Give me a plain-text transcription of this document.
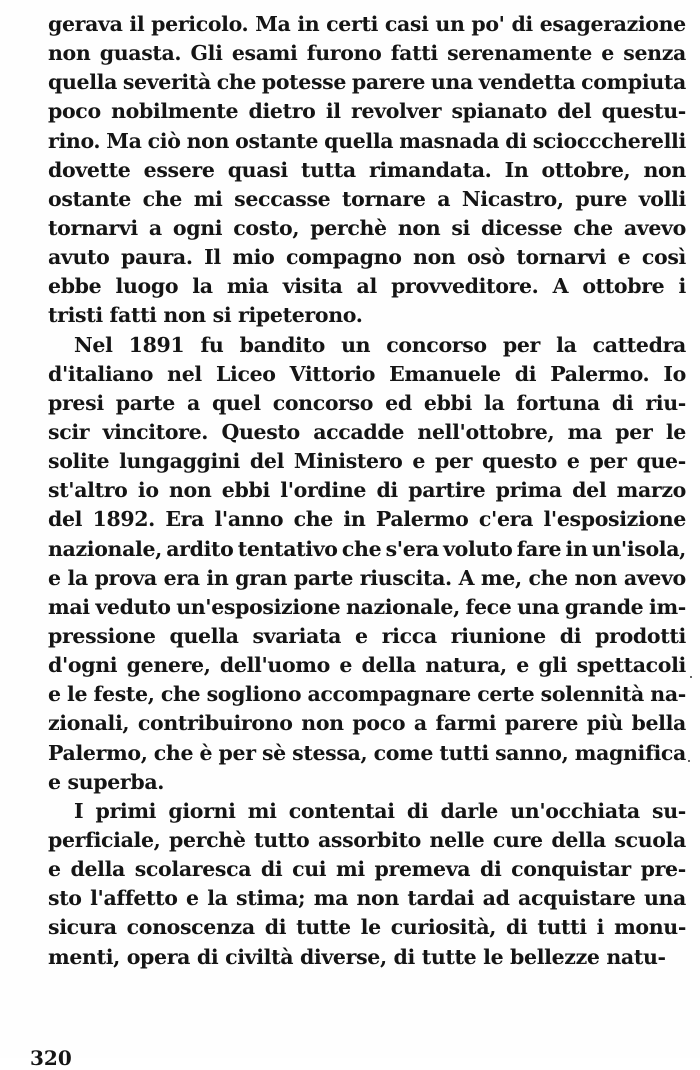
gerava il pericolo. Ma in certi casi un po' di esagerazione
non guasta. Gli esami furono fatti serenamente e senza
quella severità che potesse parere una vendetta compiuta
poco nobilmente dietro il revolver spianato del questu-
rino. Ma ciò non ostante quella masnada di sciocccherelli
dovette essere quasi tutta rimandata. In ottobre, non
ostante che mi seccasse tornare a Nicastro, pure volli
tornarvi a ogni costo, perchè non si dicesse che avevo
avuto paura. Il mio compagno non osò tornarvi e così
ebbe luogo la mia visita al provveditore. A ottobre i
tristi fatti non si ripeterono.
Nel 1891 fu bandito un concorso per la cattedra
d'italiano nel Liceo Vittorio Emanuele di Palermo. Io
presi parte a quel concorso ed ebbi la fortuna di riu-
scir vincitore. Questo accadde nell'ottobre, ma per le
solite lungaggini del Ministero e per questo e per que-
st'altro io non ebbi l'ordine di partire prima del marzo
del 1892. Era l'anno che in Palermo c'era l'esposizione
nazionale, ardito tentativo che s'era voluto fare in un'isola,
e la prova era in gran parte riuscita. A me, che non avevo
mai veduto un'esposizione nazionale, fece una grande im-
pressione quella svariata e ricca riunione di prodotti
d'ogni genere, dell'uomo e della natura, e gli spettacoli
e le feste, che sogliono accompagnare certe solennità na-
zionali, contribuirono non poco a farmi parere più bella
Palermo, che è per sè stessa, come tutti sanno, magnifica
e superba.
I primi giorni mi contentai di darle un'occhiata su-
perficiale, perchè tutto assorbito nelle cure della scuola
e della scolaresca di cui mi premeva di conquistar pre-
sto l'affetto e la stima; ma non tardai ad acquistare una
sicura conoscenza di tutte le curiosità, di tutti i monu-
menti, opera di civiltà diverse, di tutte le bellezze natu-
320
